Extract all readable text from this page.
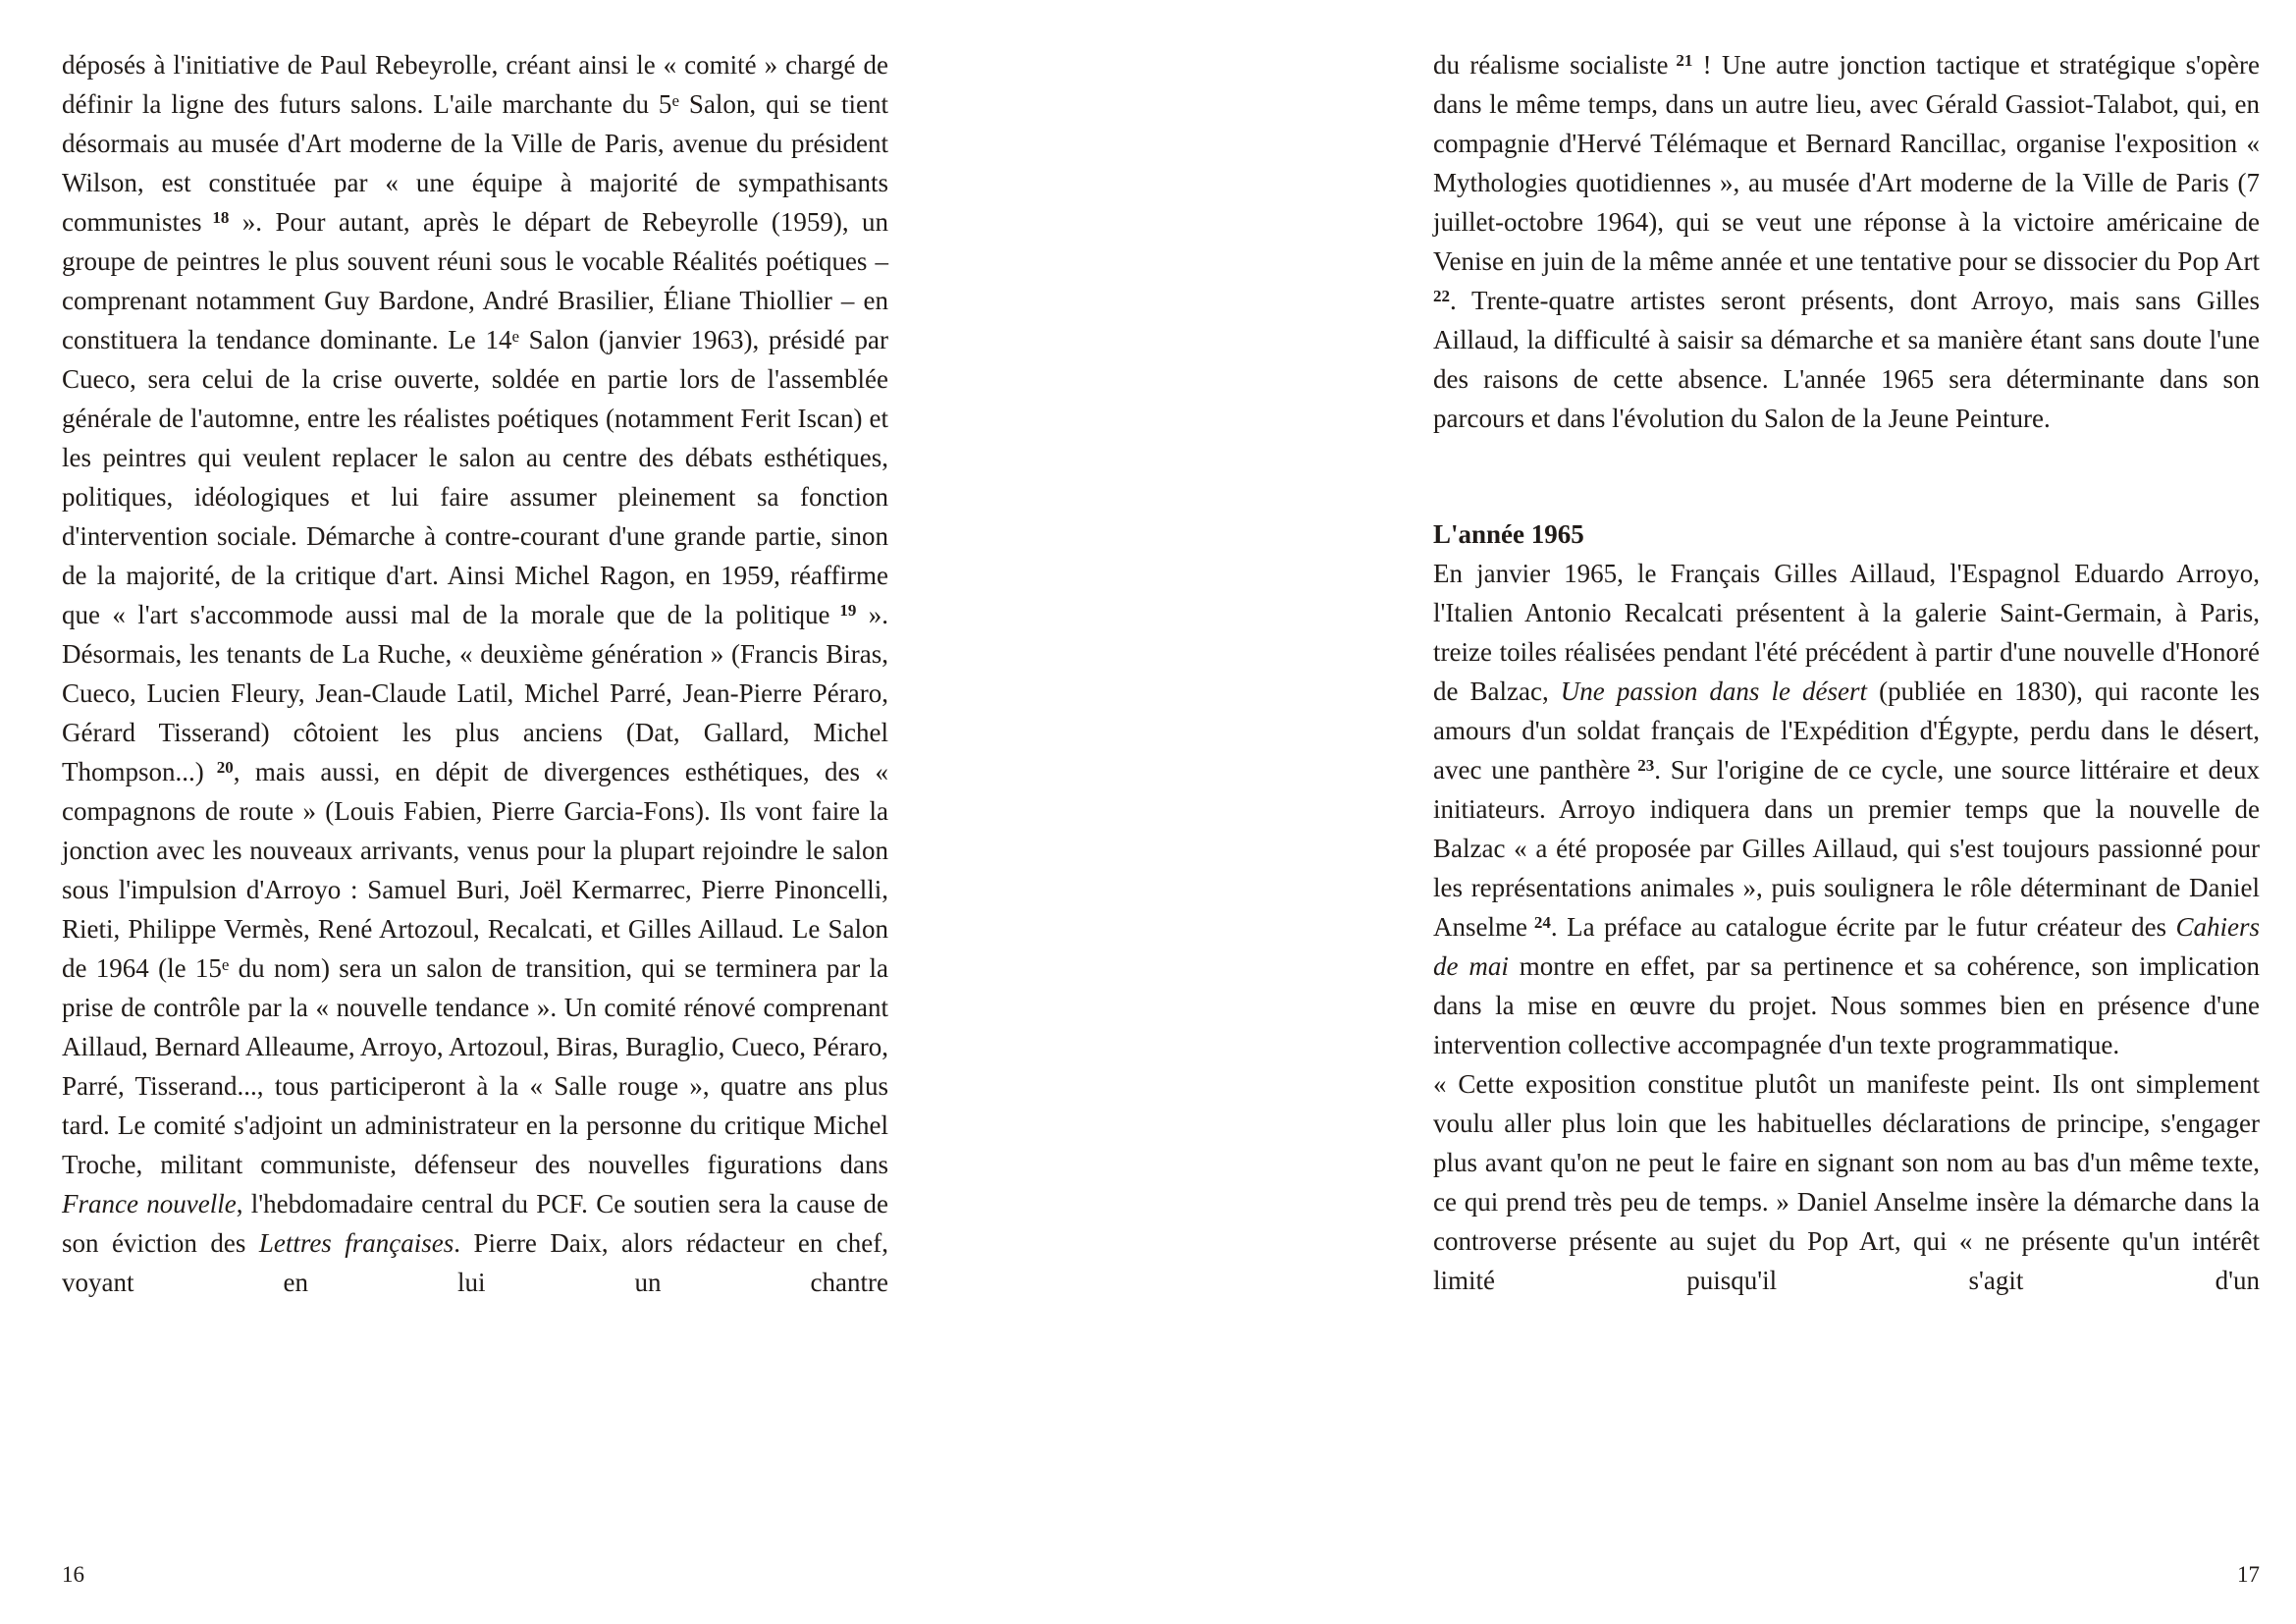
déposés à l'initiative de Paul Rebeyrolle, créant ainsi le « comité » chargé de définir la ligne des futurs salons. L'aile marchante du 5e Salon, qui se tient désormais au musée d'Art moderne de la Ville de Paris, avenue du président Wilson, est constituée par « une équipe à majorité de sympathisants communistes $^{18}$ ». Pour autant, après le départ de Rebeyrolle (1959), un groupe de peintres le plus souvent réuni sous le vocable Réalités poétiques – comprenant notamment Guy Bardone, André Brasilier, Éliane Thiollier – en constituera la tendance dominante. Le 14e Salon (janvier 1963), présidé par Cueco, sera celui de la crise ouverte, soldée en partie lors de l'assemblée générale de l'automne, entre les réalistes poétiques (notamment Ferit Iscan) et les peintres qui veulent replacer le salon au centre des débats esthétiques, politiques, idéologiques et lui faire assumer pleinement sa fonction d'intervention sociale. Démarche à contre-courant d'une grande partie, sinon de la majorité, de la critique d'art. Ainsi Michel Ragon, en 1959, réaffirme que « l'art s'accommode aussi mal de la morale que de la politique $^{19}$ ». Désormais, les tenants de La Ruche, « deuxième génération » (Francis Biras, Cueco, Lucien Fleury, Jean-Claude Latil, Michel Parré, Jean-Pierre Péraro, Gérard Tisserand) côtoient les plus anciens (Dat, Gallard, Michel Thompson...) $^{20}$, mais aussi, en dépit de divergences esthétiques, des « compagnons de route » (Louis Fabien, Pierre Garcia-Fons). Ils vont faire la jonction avec les nouveaux arrivants, venus pour la plupart rejoindre le salon sous l'impulsion d'Arroyo : Samuel Buri, Joël Kermarrec, Pierre Pinoncelli, Rieti, Philippe Vermès, René Artozoul, Recalcati, et Gilles Aillaud. Le Salon de 1964 (le 15e du nom) sera un salon de transition, qui se terminera par la prise de contrôle par la « nouvelle tendance ». Un comité rénové comprenant Aillaud, Bernard Alleaume, Arroyo, Artozoul, Biras, Buraglio, Cueco, Péraro, Parré, Tisserand..., tous participeront à la « Salle rouge », quatre ans plus tard. Le comité s'adjoint un administrateur en la personne du critique Michel Troche, militant communiste, défenseur des nouvelles figurations dans France nouvelle, l'hebdomadaire central du PCF. Ce soutien sera la cause de son éviction des Lettres françaises. Pierre Daix, alors rédacteur en chef, voyant en lui un chantre

16

du réalisme socialiste $^{21}$ ! Une autre jonction tactique et stratégique s'opère dans le même temps, dans un autre lieu, avec Gérald Gassiot-Talabot, qui, en compagnie d'Hervé Télémaque et Bernard Rancillac, organise l'exposition « Mythologies quotidiennes », au musée d'Art moderne de la Ville de Paris (7 juillet-octobre 1964), qui se veut une réponse à la victoire américaine de Venise en juin de la même année et une tentative pour se dissocier du Pop Art $^{22}$. Trente-quatre artistes seront présents, dont Arroyo, mais sans Gilles Aillaud, la difficulté à saisir sa démarche et sa manière étant sans doute l'une des raisons de cette absence. L'année 1965 sera déterminante dans son parcours et dans l'évolution du Salon de la Jeune Peinture.

L'année 1965

En janvier 1965, le Français Gilles Aillaud, l'Espagnol Eduardo Arroyo, l'Italien Antonio Recalcati présentent à la galerie Saint-Germain, à Paris, treize toiles réalisées pendant l'été précédent à partir d'une nouvelle d'Honoré de Balzac, Une passion dans le désert (publiée en 1830), qui raconte les amours d'un soldat français de l'Expédition d'Égypte, perdu dans le désert, avec une panthère $^{23}$. Sur l'origine de ce cycle, une source littéraire et deux initiateurs. Arroyo indiquera dans un premier temps que la nouvelle de Balzac « a été proposée par Gilles Aillaud, qui s'est toujours passionné pour les représentations animales », puis soulignera le rôle déterminant de Daniel Anselme $^{24}$. La préface au catalogue écrite par le futur créateur des Cahiers de mai montre en effet, par sa pertinence et sa cohérence, son implication dans la mise en œuvre du projet. Nous sommes bien en présence d'une intervention collective accompagnée d'un texte programmatique.

« Cette exposition constitue plutôt un manifeste peint. Ils ont simplement voulu aller plus loin que les habituelles déclarations de principe, s'engager plus avant qu'on ne peut le faire en signant son nom au bas d'un même texte, ce qui prend très peu de temps. » Daniel Anselme insère la démarche dans la controverse présente au sujet du Pop Art, qui « ne présente qu'un intérêt limité puisqu'il s'agit d'un

17
